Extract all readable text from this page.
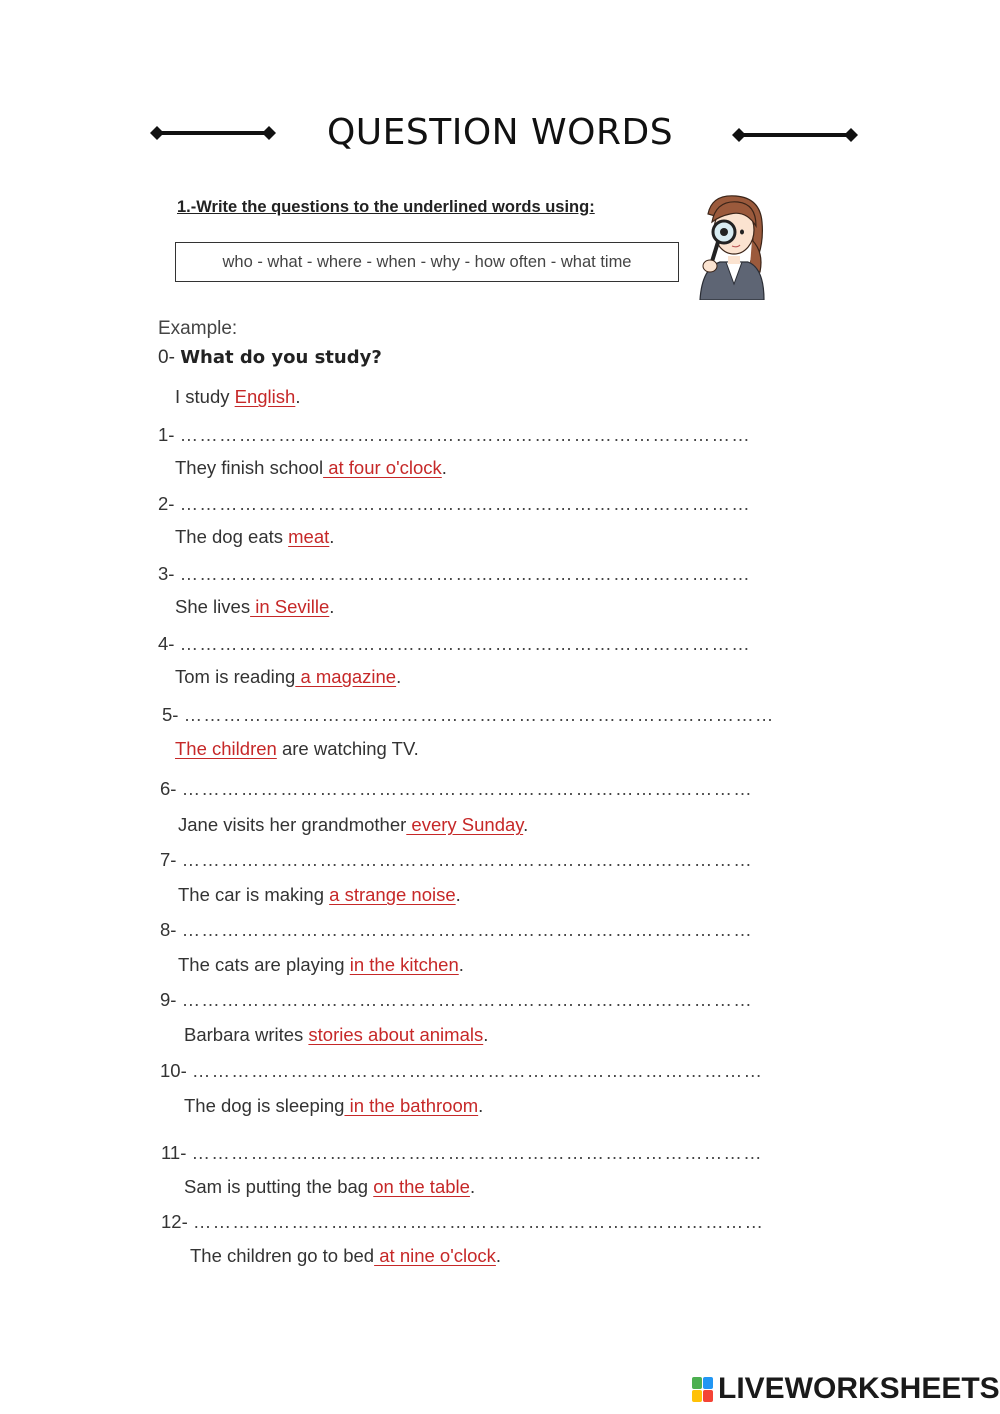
QUESTION WORDS
1.-Write the questions to the underlined words using:
who - what - where - when - why - how often - what time
Example:
0- What do you study?
I study English.
1- ……………………………………………………………………………
They finish school at four o'clock.
2- ……………………………………………………………………………
The dog eats meat.
3- ……………………………………………………………………………
She lives in Seville.
4- ……………………………………………………………………………
Tom is reading a magazine.
5- ………………………………………………………………………………
The children are watching TV.
6- ……………………………………………………………………………
Jane visits her grandmother every Sunday.
7- ……………………………………………………………………………
The car is making a strange noise.
8- ……………………………………………………………………………
The cats are playing in the kitchen.
9- ……………………………………………………………………………
Barbara writes stories about animals.
10- ……………………………………………………………………………
The dog is sleeping in the bathroom.
11- ……………………………………………………………………………
Sam is putting the bag on the table.
12- ……………………………………………………………………………
The children go to bed at nine o'clock.
LIVEWORKSHEETS
